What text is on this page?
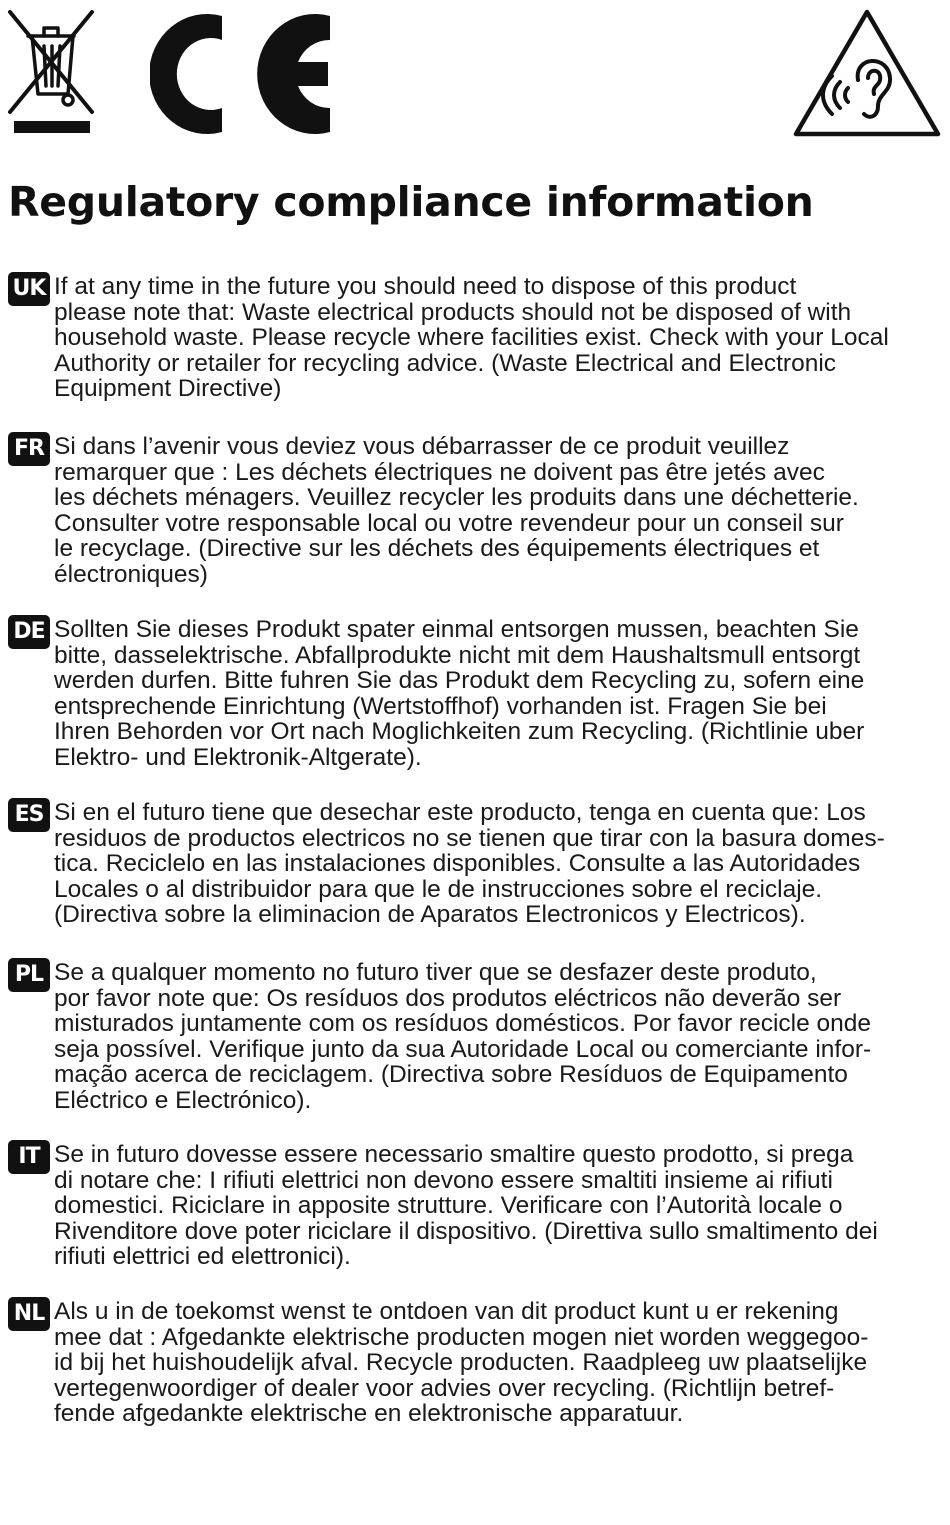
Regulatory compliance information
UK If at any time in the future you should need to dispose of this product
please note that: Waste electrical products should not be disposed of with
household waste. Please recycle where facilities exist. Check with your Local
Authority or retailer for recycling advice. (Waste Electrical and Electronic
Equipment Directive)
FR Si dans l’avenir vous deviez vous débarrasser de ce produit veuillez
remarquer que : Les déchets électriques ne doivent pas être jetés avec
les déchets ménagers. Veuillez recycler les produits dans une déchetterie.
Consulter votre responsable local ou votre revendeur pour un conseil sur
le recyclage. (Directive sur les déchets des équipements électriques et
électroniques)
DE Sollten Sie dieses Produkt spater einmal entsorgen mussen, beachten Sie
bitte, dasselektrische. Abfallprodukte nicht mit dem Haushaltsmull entsorgt
werden durfen. Bitte fuhren Sie das Produkt dem Recycling zu, sofern eine
entsprechende Einrichtung (Wertstoffhof) vorhanden ist. Fragen Sie bei
Ihren Behorden vor Ort nach Moglichkeiten zum Recycling. (Richtlinie uber
Elektro- und Elektronik-Altgerate).
ES Si en el futuro tiene que desechar este producto, tenga en cuenta que: Los
residuos de productos electricos no se tienen que tirar con la basura domes-
tica. Reciclelo en las instalaciones disponibles. Consulte a las Autoridades
Locales o al distribuidor para que le de instrucciones sobre el reciclaje.
(Directiva sobre la eliminacion de Aparatos Electronicos y Electricos).
PL Se a qualquer momento no futuro tiver que se desfazer deste produto,
por favor note que: Os resíduos dos produtos eléctricos não deverão ser
misturados juntamente com os resíduos domésticos. Por favor recicle onde
seja possível. Verifique junto da sua Autoridade Local ou comerciante infor-
mação acerca de reciclagem. (Directiva sobre Resíduos de Equipamento
Eléctrico e Electrónico).
IT Se in futuro dovesse essere necessario smaltire questo prodotto, si prega
di notare che: I rifiuti elettrici non devono essere smaltiti insieme ai rifiuti
domestici. Riciclare in apposite strutture. Verificare con l’Autorità locale o
Rivenditore dove poter riciclare il dispositivo. (Direttiva sullo smaltimento dei
rifiuti elettrici ed elettronici).
NL Als u in de toekomst wenst te ontdoen van dit product kunt u er rekening
mee dat : Afgedankte elektrische producten mogen niet worden weggegoo-
id bij het huishoudelijk afval. Recycle producten. Raadpleeg uw plaatselijke
vertegenwoordiger of dealer voor advies over recycling. (Richtlijn betref-
fende afgedankte elektrische en elektronische apparatuur.
